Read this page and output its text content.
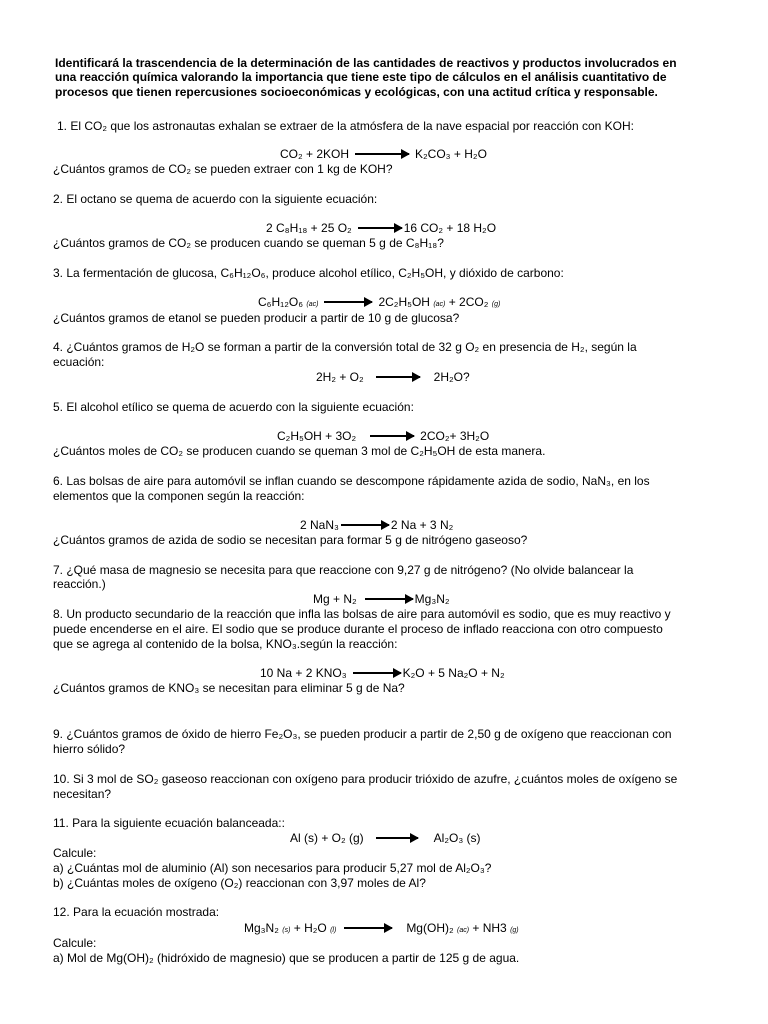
Identificará la trascendencia de la determinación de las cantidades de reactivos y productos involucrados en
una reacción química valorando la importancia que tiene este tipo de cálculos en el análisis cuantitativo de
procesos que tienen repercusiones socioeconómicas y ecológicas, con una actitud crítica y responsable.
1. El CO₂ que los astronautas exhalan se extraer de la atmósfera de la nave espacial por reacción con KOH:
CO₂ + 2KOH	K₂CO₃ + H₂O
¿Cuántos gramos de CO₂ se pueden extraer con 1 kg de KOH?
2. El octano se quema de acuerdo con la siguiente ecuación:
2 C₈H₁₈ + 25 O₂ → 16 CO₂ + 18 H₂O
¿Cuántos gramos de CO₂ se producen cuando se queman 5 g de C₈H₁₈?
3. La fermentación de glucosa, C₆H₁₂O₆, produce alcohol etílico, C₂H₅OH, y dióxido de carbono:
C₆H₁₂O₆ (ac) → 2C₂H₅OH (ac) + 2CO₂ (g)
¿Cuántos gramos de etanol se pueden producir a partir de 10 g de glucosa?
4. ¿Cuántos gramos de H₂O se forman a partir de la conversión total de 32 g O₂ en presencia de H₂, según la
ecuación:
2H₂ + O₂ → 2H₂O?
5. El alcohol etílico se quema de acuerdo con la siguiente ecuación:
C₂H₅OH + 3O₂ → 2CO₂+ 3H₂O
¿Cuántos moles de CO₂ se producen cuando se queman 3 mol de C₂H₅OH de esta manera.
6. Las bolsas de aire para automóvil se inflan cuando se descompone rápidamente azida de sodio, NaN₃, en los
elementos que la componen según la reacción:
2 NaN₃ → 2 Na + 3 N₂
¿Cuántos gramos de azida de sodio se necesitan para formar 5 g de nitrógeno gaseoso?
7. ¿Qué masa de magnesio se necesita para que reaccione con 9,27 g de nitrógeno? (No olvide balancear la
reacción.)
Mg + N₂ → Mg₃N₂
8. Un producto secundario de la reacción que infla las bolsas de aire para automóvil es sodio, que es muy reactivo y
puede encenderse en el aire. El sodio que se produce durante el proceso de inflado reacciona con otro compuesto
que se agrega al contenido de la bolsa, KNO₃.según la reacción:
10 Na + 2 KNO₃ → K₂O + 5 Na₂O + N₂
¿Cuántos gramos de KNO₃ se necesitan para eliminar 5 g de Na?
9. ¿Cuántos gramos de óxido de hierro Fe₂O₃, se pueden producir a partir de 2,50 g de oxígeno que reaccionan con
hierro sólido?
10. Si 3 mol de SO₂ gaseoso reaccionan con oxígeno para producir trióxido de azufre, ¿cuántos moles de oxígeno se
necesitan?
11. Para la siguiente ecuación balanceada::
Al (s) + O₂ (g) → Al₂O₃ (s)
Calcule:
a) ¿Cuántas mol de aluminio (Al) son necesarios para producir 5,27 mol de Al₂O₃?
b) ¿Cuántas moles de oxígeno (O₂) reaccionan con 3,97 moles de Al?
12. Para la ecuación mostrada:
Mg₃N₂ (s) + H₂O (l) → Mg(OH)₂ (ac) + NH3 (g)
Calcule:
a) Mol de Mg(OH)₂ (hidróxido de magnesio) que se producen a partir de 125 g de agua.
